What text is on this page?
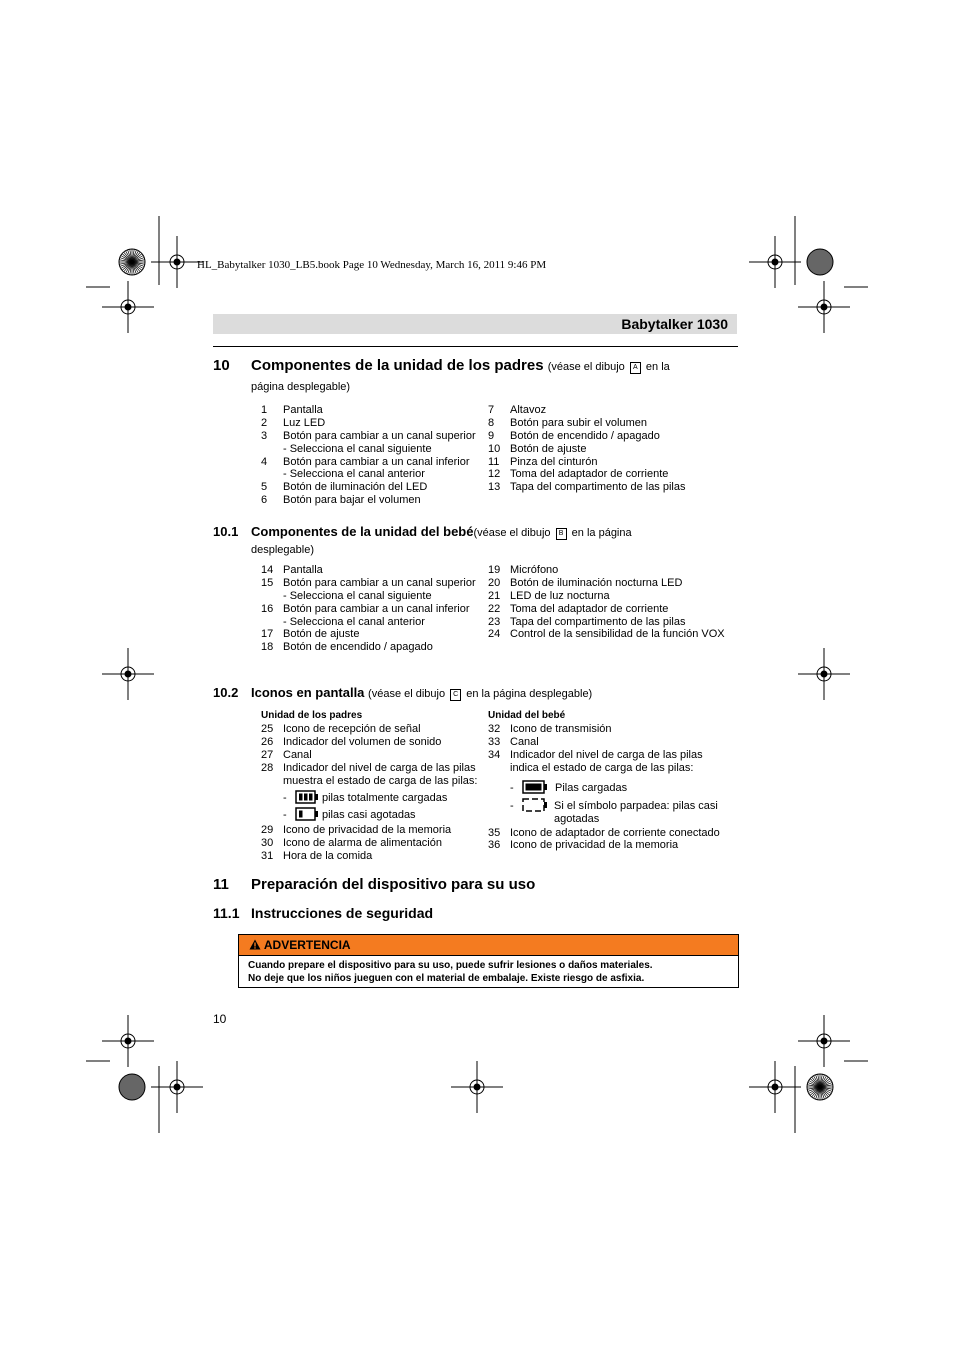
HL_Babytalker 1030_LB5.book Page 10 Wednesday, March 16, 2011 9:46 PM
Babytalker 1030
10 Componentes de la unidad de los padres (véase el dibujo A en la
página desplegable)
1 Pantalla
2 Luz LED
3 Botón para cambiar a un canal superior
- Selecciona el canal siguiente
4 Botón para cambiar a un canal inferior
- Selecciona el canal anterior
5 Botón de iluminación del LED
6 Botón para bajar el volumen
7 Altavoz
8 Botón para subir el volumen
9 Botón de encendido / apagado
10 Botón de ajuste
11 Pinza del cinturón
12 Toma del adaptador de corriente
13 Tapa del compartimento de las pilas
10.1 Componentes de la unidad del bebé(véase el dibujo B en la página
desplegable)
14 Pantalla
15 Botón para cambiar a un canal superior
- Selecciona el canal siguiente
16 Botón para cambiar a un canal inferior
- Selecciona el canal anterior
17 Botón de ajuste
18 Botón de encendido / apagado
19 Micrófono
20 Botón de iluminación nocturna LED
21 LED de luz nocturna
22 Toma del adaptador de corriente
23 Tapa del compartimento de las pilas
24 Control de la sensibilidad de la función VOX
10.2 Iconos en pantalla (véase el dibujo C en la página desplegable)
Unidad de los padres
25 Icono de recepción de señal
26 Indicador del volumen de sonido
27 Canal
28 Indicador del nivel de carga de las pilas
muestra el estado de carga de las pilas:
-	pilas totalmente cargadas
-	pilas casi agotadas
29 Icono de privacidad de la memoria
30 Icono de alarma de alimentación
31 Hora de la comida
Unidad del bebé
32 Icono de transmisión
33 Canal
34 Indicador del nivel de carga de las pilas
indica el estado de carga de las pilas:
-	Pilas cargadas
-	Si el símbolo parpadea: pilas casi
agotadas
35 Icono de adaptador de corriente conectado
36 Icono de privacidad de la memoria
11 Preparación del dispositivo para su uso
11.1 Instrucciones de seguridad
ADVERTENCIA
Cuando prepare el dispositivo para su uso, puede sufrir lesiones o daños materiales.
No deje que los niños jueguen con el material de embalaje. Existe riesgo de asfixia.
10
